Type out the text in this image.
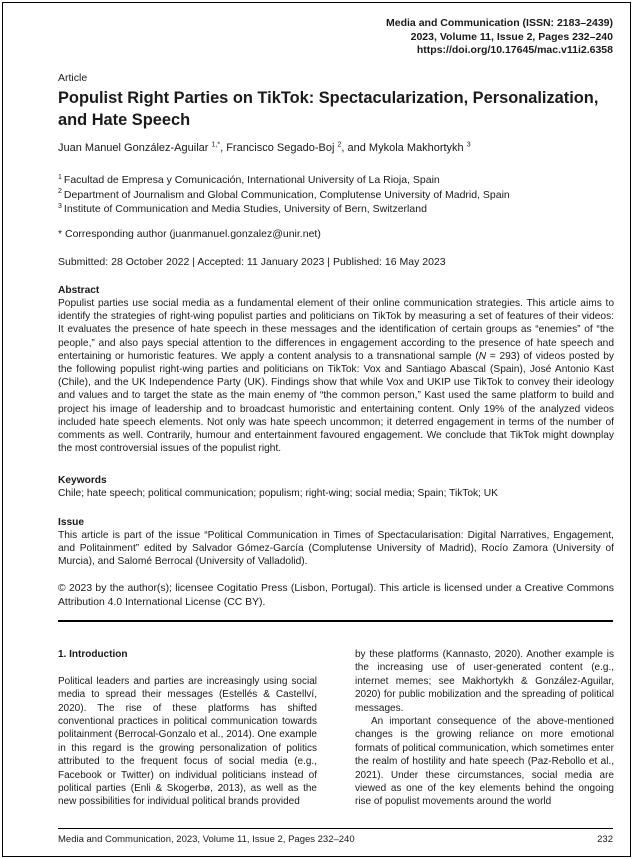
Media and Communication (ISSN: 2183–2439)
2023, Volume 11, Issue 2, Pages 232–240
https://doi.org/10.17645/mac.v11i2.6358
Article
Populist Right Parties on TikTok: Spectacularization, Personalization, and Hate Speech
Juan Manuel González-Aguilar $^{1,*}$, Francisco Segado-Boj $^2$, and Mykola Makhortykh $^3$
$^1$ Facultad de Empresa y Comunicación, International University of La Rioja, Spain
$^2$ Department of Journalism and Global Communication, Complutense University of Madrid, Spain
$^3$ Institute of Communication and Media Studies, University of Bern, Switzerland
* Corresponding author (juanmanuel.gonzalez@unir.net)
Submitted: 28 October 2022 | Accepted: 11 January 2023 | Published: 16 May 2023

Abstract

Populist parties use social media as a fundamental element of their online communication strategies. This article aims to identify the strategies of right-wing populist parties and politicians on TikTok by measuring a set of features of their videos: It evaluates the presence of hate speech in these messages and the identification of certain groups as “enemies” of “the people,” and also pays special attention to the differences in engagement according to the presence of hate speech and entertaining or humoristic features. We apply a content analysis to a transnational sample (N = 293) of videos posted by the following populist right-wing parties and politicians on TikTok: Vox and Santiago Abascal (Spain), José Antonio Kast (Chile), and the UK Independence Party (UK). Findings show that while Vox and UKIP use TikTok to convey their ideology and values and to target the state as the main enemy of “the common person,” Kast used the same platform to build and project his image of leadership and to broadcast humoristic and entertaining content. Only 19% of the analyzed videos included hate speech elements. Not only was hate speech uncommon; it deterred engagement in terms of the number of comments as well. Contrarily, humour and entertainment favoured engagement. We conclude that TikTok might downplay the most controversial issues of the populist right.

Keywords

Chile; hate speech; political communication; populism; right-wing; social media; Spain; TikTok; UK

Issue

This article is part of the issue “Political Communication in Times of Spectacularisation: Digital Narratives, Engagement, and Politainment” edited by Salvador Gómez-García (Complutense University of Madrid), Rocío Zamora (University of Murcia), and Salomé Berrocal (University of Valladolid).

© 2023 by the author(s); licensee Cogitatio Press (Lisbon, Portugal). This article is licensed under a Creative Commons Attribution 4.0 International License (CC BY).

1. Introduction

Political leaders and parties are increasingly using social media to spread their messages (Estellés & Castellví, 2020). The rise of these platforms has shifted conventional practices in political communication towards politainment (Berrocal-Gonzalo et al., 2014). One example in this regard is the growing personalization of politics attributed to the frequent focus of social media (e.g., Facebook or Twitter) on individual politicians instead of political parties (Enli & Skogerbø, 2013), as well as the new possibilities for individual political brands provided

by these platforms (Kannasto, 2020). Another example is the increasing use of user-generated content (e.g., internet memes; see Makhortykh & González-Aguilar, 2020) for public mobilization and the spreading of political messages.

An important consequence of the above-mentioned changes is the growing reliance on more emotional formats of political communication, which sometimes enter the realm of hostility and hate speech (Paz-Rebollo et al., 2021). Under these circumstances, social media are viewed as one of the key elements behind the ongoing rise of populist movements around the world

Media and Communication, 2023, Volume 11, Issue 2, Pages 232–240	232
